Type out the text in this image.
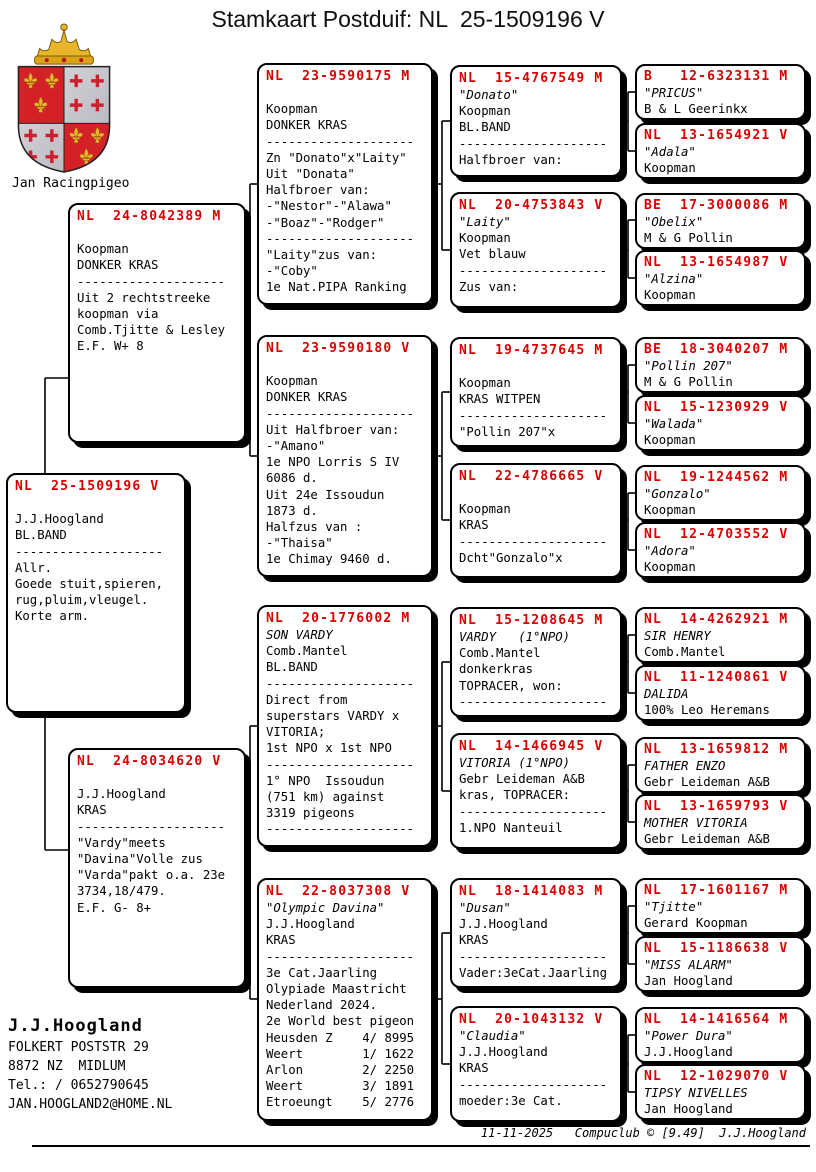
Stamkaart Postduif: NL  25-1509196 V
Jan Racingpigeo
NL  25-1509196 V

J.J.Hoogland
BL.BAND
--------------------
Allr.
Goede stuit,spieren,
rug,pluim,vleugel.
Korte arm.
NL  24-8042389 M

Koopman
DONKER KRAS
--------------------
Uit 2 rechtstreeke
koopman via
Comb.Tjitte & Lesley
E.F. W+ 8
NL  24-8034620 V

J.J.Hoogland
KRAS
--------------------
"Vardy"meets
"Davina"Volle zus
"Varda"pakt o.a. 23e
3734,18/479.
E.F. G- 8+
NL  23-9590175 M

Koopman
DONKER KRAS
--------------------
Zn "Donato"x"Laity"
Uit "Donata"
Halfbroer van:
-"Nestor"-"Alawa"
-"Boaz"-"Rodger"
--------------------
"Laity"zus van:
-"Coby"
1e Nat.PIPA Ranking
NL  23-9590180 V

Koopman
DONKER KRAS
--------------------
Uit Halfbroer van:
-"Amano"
1e NPO Lorris S IV
6086 d.
Uit 24e Issoudun
1873 d.
Halfzus van :
-"Thaisa"
1e Chimay 9460 d.
NL  20-1776002 M
SON VARDY
Comb.Mantel
BL.BAND
--------------------
Direct from
superstars VARDY x
VITORIA;
1st NPO x 1st NPO
--------------------
1° NPO  Issoudun
(751 km) against
3319 pigeons
--------------------
NL  22-8037308 V
"Olympic Davina"
J.J.Hoogland
KRAS
--------------------
3e Cat.Jaarling
Olypiade Maastricht
Nederland 2024.
2e World best pigeon
Heusden Z    4/ 8995
Weert        1/ 1622
Arlon        2/ 2250
Weert        3/ 1891
Etroeungt    5/ 2776
NL  15-4767549 M
"Donato"
Koopman
BL.BAND
--------------------
Halfbroer van:
NL  20-4753843 V
"Laity"
Koopman
Vet blauw
--------------------
Zus van:
NL  19-4737645 M

Koopman
KRAS WITPEN
--------------------
"Pollin 207"x
NL  22-4786665 V

Koopman
KRAS
--------------------
Dcht"Gonzalo"x
NL  15-1208645 M
VARDY   (1°NPO)
Comb.Mantel
donkerkras
TOPRACER, won:
--------------------
NL  14-1466945 V
VITORIA (1°NPO)
Gebr Leideman A&B
kras, TOPRACER:
--------------------
1.NPO Nanteuil
NL  18-1414083 M
"Dusan"
J.J.Hoogland
KRAS
--------------------
Vader:3eCat.Jaarling
NL  20-1043132 V
"Claudia"
J.J.Hoogland
KRAS
--------------------
moeder:3e Cat.
B   12-6323131 M
"PRICUS"
B & L Geerinkx
NL  13-1654921 V
"Adala"
Koopman
BE  17-3000086 M
"Obelix"
M & G Pollin
NL  13-1654987 V
"Alzina"
Koopman
BE  18-3040207 M
"Pollin 207"
M & G Pollin
NL  15-1230929 V
"Walada"
Koopman
NL  19-1244562 M
"Gonzalo"
Koopman
NL  12-4703552 V
"Adora"
Koopman
NL  14-4262921 M
SIR HENRY
Comb.Mantel
NL  11-1240861 V
DALIDA
100% Leo Heremans
NL  13-1659812 M
FATHER ENZO
Gebr Leideman A&B
NL  13-1659793 V
MOTHER VITORIA
Gebr Leideman A&B
NL  17-1601167 M
"Tjitte"
Gerard Koopman
NL  15-1186638 V
"MISS ALARM"
Jan Hoogland
NL  14-1416564 M
"Power Dura"
J.J.Hoogland
NL  12-1029070 V
TIPSY NIVELLES
Jan Hoogland
J.J.Hoogland
FOLKERT POSTSTR 29
8872 NZ  MIDLUM
Tel.: / 0652790645
JAN.HOOGLAND2@HOME.NL
11-11-2025   Compuclub © [9.49]  J.J.Hoogland
